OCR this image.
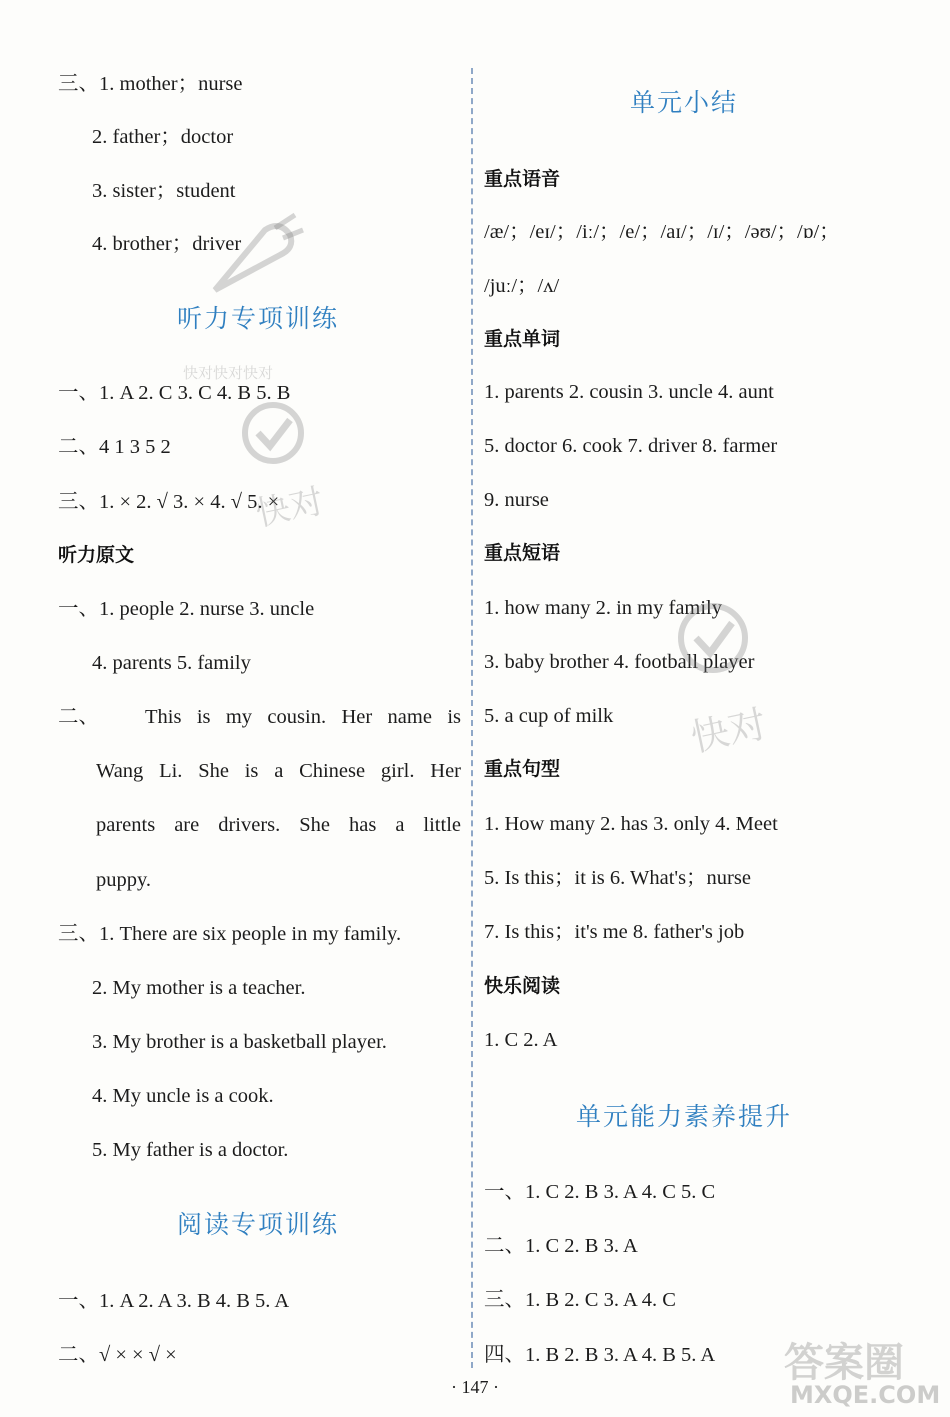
三、1. mother；nurse
2. father；doctor
3. sister；student
4. brother；driver
听力专项训练
一、1. A 2. C 3. C 4. B 5. B
二、4 1 3 5 2
三、1. × 2. √ 3. × 4. √ 5. ×
听力原文
一、1. people 2. nurse 3. uncle
4. parents 5. family
二、 This is my cousin. Her name is
Wang Li. She is a Chinese girl. Her
parents are drivers. She has a little
puppy.
三、1. There are six people in my family.
2. My mother is a teacher.
3. My brother is a basketball player.
4. My uncle is a cook.
5. My father is a doctor.
阅读专项训练
一、1. A 2. A 3. B 4. B 5. A
二、√ × × √ ×
单元小结
重点语音
/æ/；/eɪ/；/iː/；/e/；/aɪ/；/ɪ/；/əʊ/；/ɒ/；
/juː/；/ʌ/
重点单词
1. parents 2. cousin 3. uncle 4. aunt
5. doctor 6. cook 7. driver 8. farmer
9. nurse
重点短语
1. how many 2. in my family
3. baby brother 4. football player
5. a cup of milk
重点句型
1. How many 2. has 3. only 4. Meet
5. Is this；it is 6. What's；nurse
7. Is this；it's me 8. father's job
快乐阅读
1. C 2. A
单元能力素养提升
一、1. C 2. B 3. A 4. C 5. C
二、1. C 2. B 3. A
三、1. B 2. C 3. A 4. C
四、1. B 2. B 3. A 4. B 5. A
快对快对快对
快对
快对
答案圈
MXQE.COM
· 147 ·
